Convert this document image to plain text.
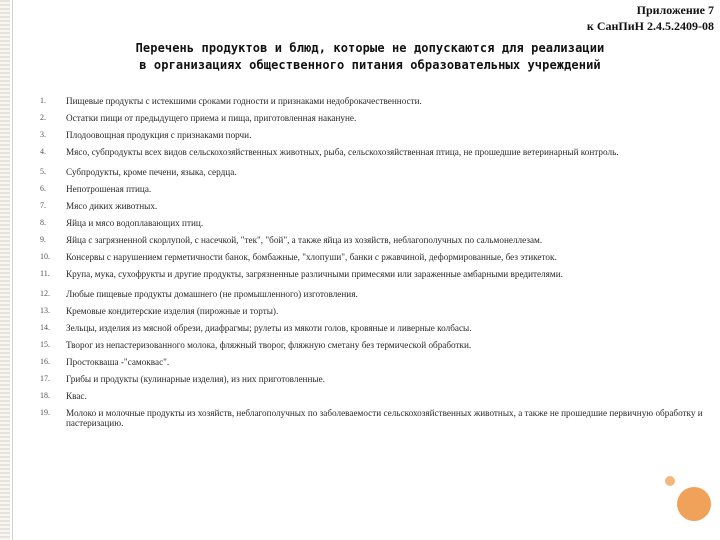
Приложение 7
к СанПиН 2.4.5.2409-08
Перечень продуктов и блюд, которые не допускаются для реализации
в организациях общественного питания образовательных учреждений
1.	Пищевые продукты с истекшими сроками годности и признаками недоброкачественности.
2.	Остатки пищи от предыдущего приема и пища, приготовленная накануне.
3.	Плодоовощная продукция с признаками порчи.
4.	Мясо, субпродукты всех видов сельскохозяйственных животных, рыба, сельскохозяйственная птица, не прошедшие ветеринарный контроль.
5.	Субпродукты, кроме печени, языка, сердца.
6.	Непотрошеная птица.
7.	Мясо диких животных.
8.	Яйца и мясо водоплавающих птиц.
9.	Яйца с загрязненной скорлупой, с насечкой, "тек", "бой", а также яйца из хозяйств, неблагополучных по сальмонеллезам.
10.	Консервы с нарушением герметичности банок, бомбажные, "хлопуши", банки с ржавчиной, деформированные, без этикеток.
11.	Крупа, мука, сухофрукты и другие продукты, загрязненные различными примесями или зараженные амбарными вредителями.
12.	Любые пищевые продукты домашнего (не промышленного) изготовления.
13.	Кремовые кондитерские изделия (пирожные и торты).
14.	Зельцы, изделия из мясной обрези, диафрагмы; рулеты из мякоти голов, кровяные и ливерные колбасы.
15.	Творог из непастеризованного молока, фляжный творог, фляжную сметану без термической обработки.
16.	Простокваша -"самоквас".
17.	Грибы и продукты (кулинарные изделия), из них приготовленные.
18.	Квас.
19.	Молоко и молочные продукты из хозяйств, неблагополучных по заболеваемости сельскохозяйственных животных, а также не прошедшие первичную обработку и пастеризацию.
